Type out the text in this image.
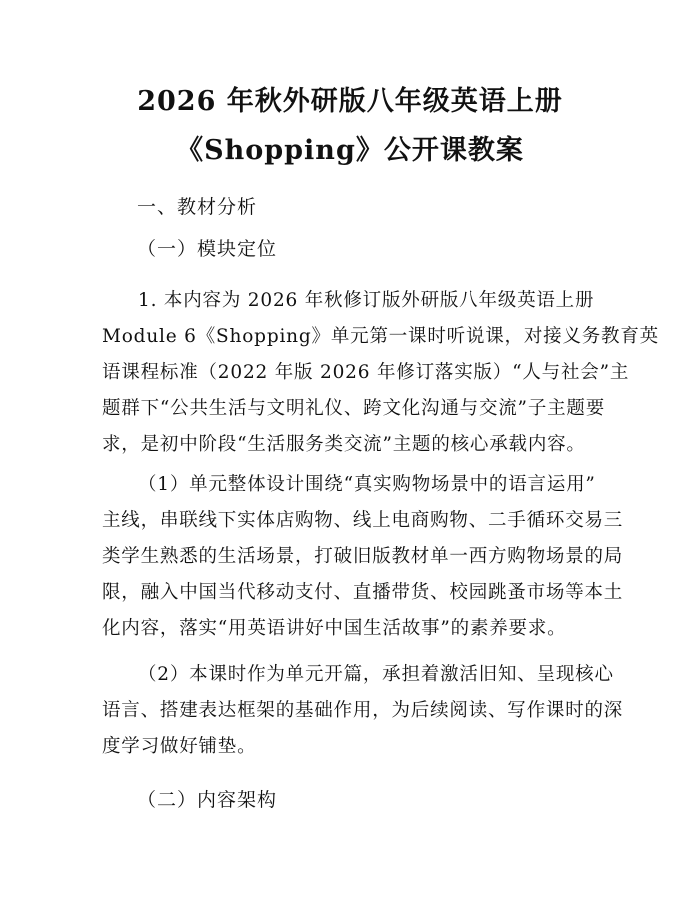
2026 年秋外研版八年级英语上册
《Shopping》公开课教案
一、教材分析
（一）模块定位
1. 本内容为 2026 年秋修订版外研版八年级英语上册
Module 6《Shopping》单元第一课时听说课，对接义务教育英
语课程标准（2022 年版 2026 年修订落实版）“人与社会”主
题群下“公共生活与文明礼仪、跨文化沟通与交流”子主题要
求，是初中阶段“生活服务类交流”主题的核心承载内容。
（1）单元整体设计围绕“真实购物场景中的语言运用”
主线，串联线下实体店购物、线上电商购物、二手循环交易三
类学生熟悉的生活场景，打破旧版教材单一西方购物场景的局
限，融入中国当代移动支付、直播带货、校园跳蚤市场等本土
化内容，落实“用英语讲好中国生活故事”的素养要求。
（2）本课时作为单元开篇，承担着激活旧知、呈现核心
语言、搭建表达框架的基础作用，为后续阅读、写作课时的深
度学习做好铺垫。
（二）内容架构
